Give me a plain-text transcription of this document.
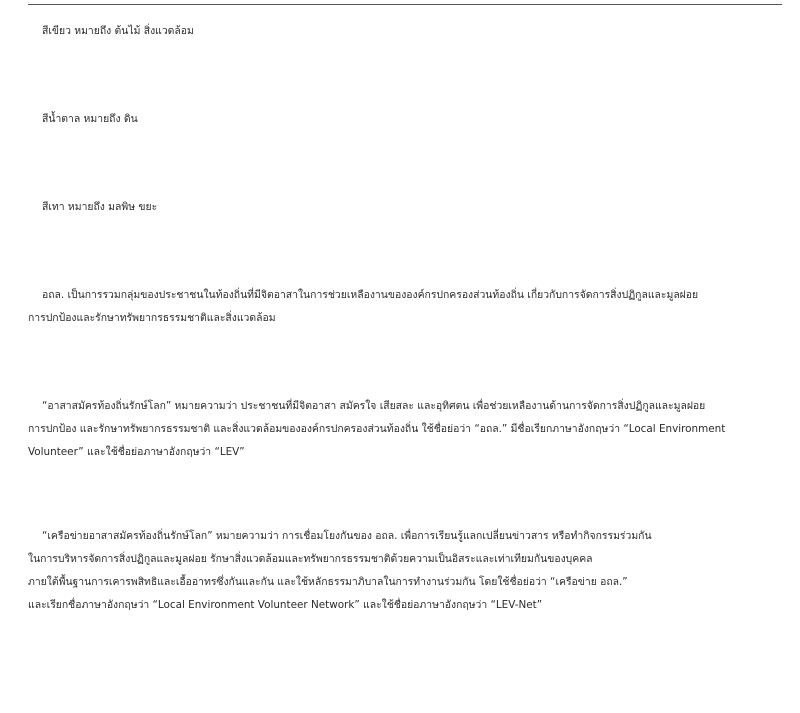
สีเขียว หมายถึง ต้นไม้ สิ่งแวดล้อม

สีน้ำตาล หมายถึง ดิน

สีเทา หมายถึง มลพิษ ขยะ

อถล. เป็นการรวมกลุ่มของประชาชนในท้องถิ่นที่มีจิตอาสาในการช่วยเหลืองานขององค์กรปกครองส่วนท้องถิ่น เกี่ยวกับการจัดการสิ่งปฏิกูลและมูลฝอย
การปกป้องและรักษาทรัพยากรธรรมชาติและสิ่งแวดล้อม

“อาสาสมัครท้องถิ่นรักษ์โลก” หมายความว่า ประชาชนที่มีจิตอาสา สมัครใจ เสียสละ และอุทิศตน เพื่อช่วยเหลืองานด้านการจัดการสิ่งปฏิกูลและมูลฝอย
การปกป้อง และรักษาทรัพยากรธรรมชาติ และสิ่งแวดล้อมขององค์กรปกครองส่วนท้องถิ่น ใช้ชื่อย่อว่า “อถล.” มีชื่อเรียกภาษาอังกฤษว่า “Local Environment
Volunteer” และใช้ชื่อย่อภาษาอังกฤษว่า “LEV”

“เครือข่ายอาสาสมัครท้องถิ่นรักษ์โลก” หมายความว่า การเชื่อมโยงกันของ อถล. เพื่อการเรียนรู้แลกเปลี่ยนข่าวสาร หรือทำกิจกรรมร่วมกัน
ในการบริหารจัดการสิ่งปฏิกูลและมูลฝอย รักษาสิ่งแวดล้อมและทรัพยากรธรรมชาติด้วยความเป็นอิสระและเท่าเทียมกันของบุคคล
ภายใต้พื้นฐานการเคารพสิทธิและเอื้ออาทรซึ่งกันและกัน และใช้หลักธรรมาภิบาลในการทำงานร่วมกัน โดยใช้ชื่อย่อว่า “เครือข่าย อถล.”
และเรียกชื่อภาษาอังกฤษว่า “Local Environment Volunteer Network” และใช้ชื่อย่อภาษาอังกฤษว่า “LEV-Net”
